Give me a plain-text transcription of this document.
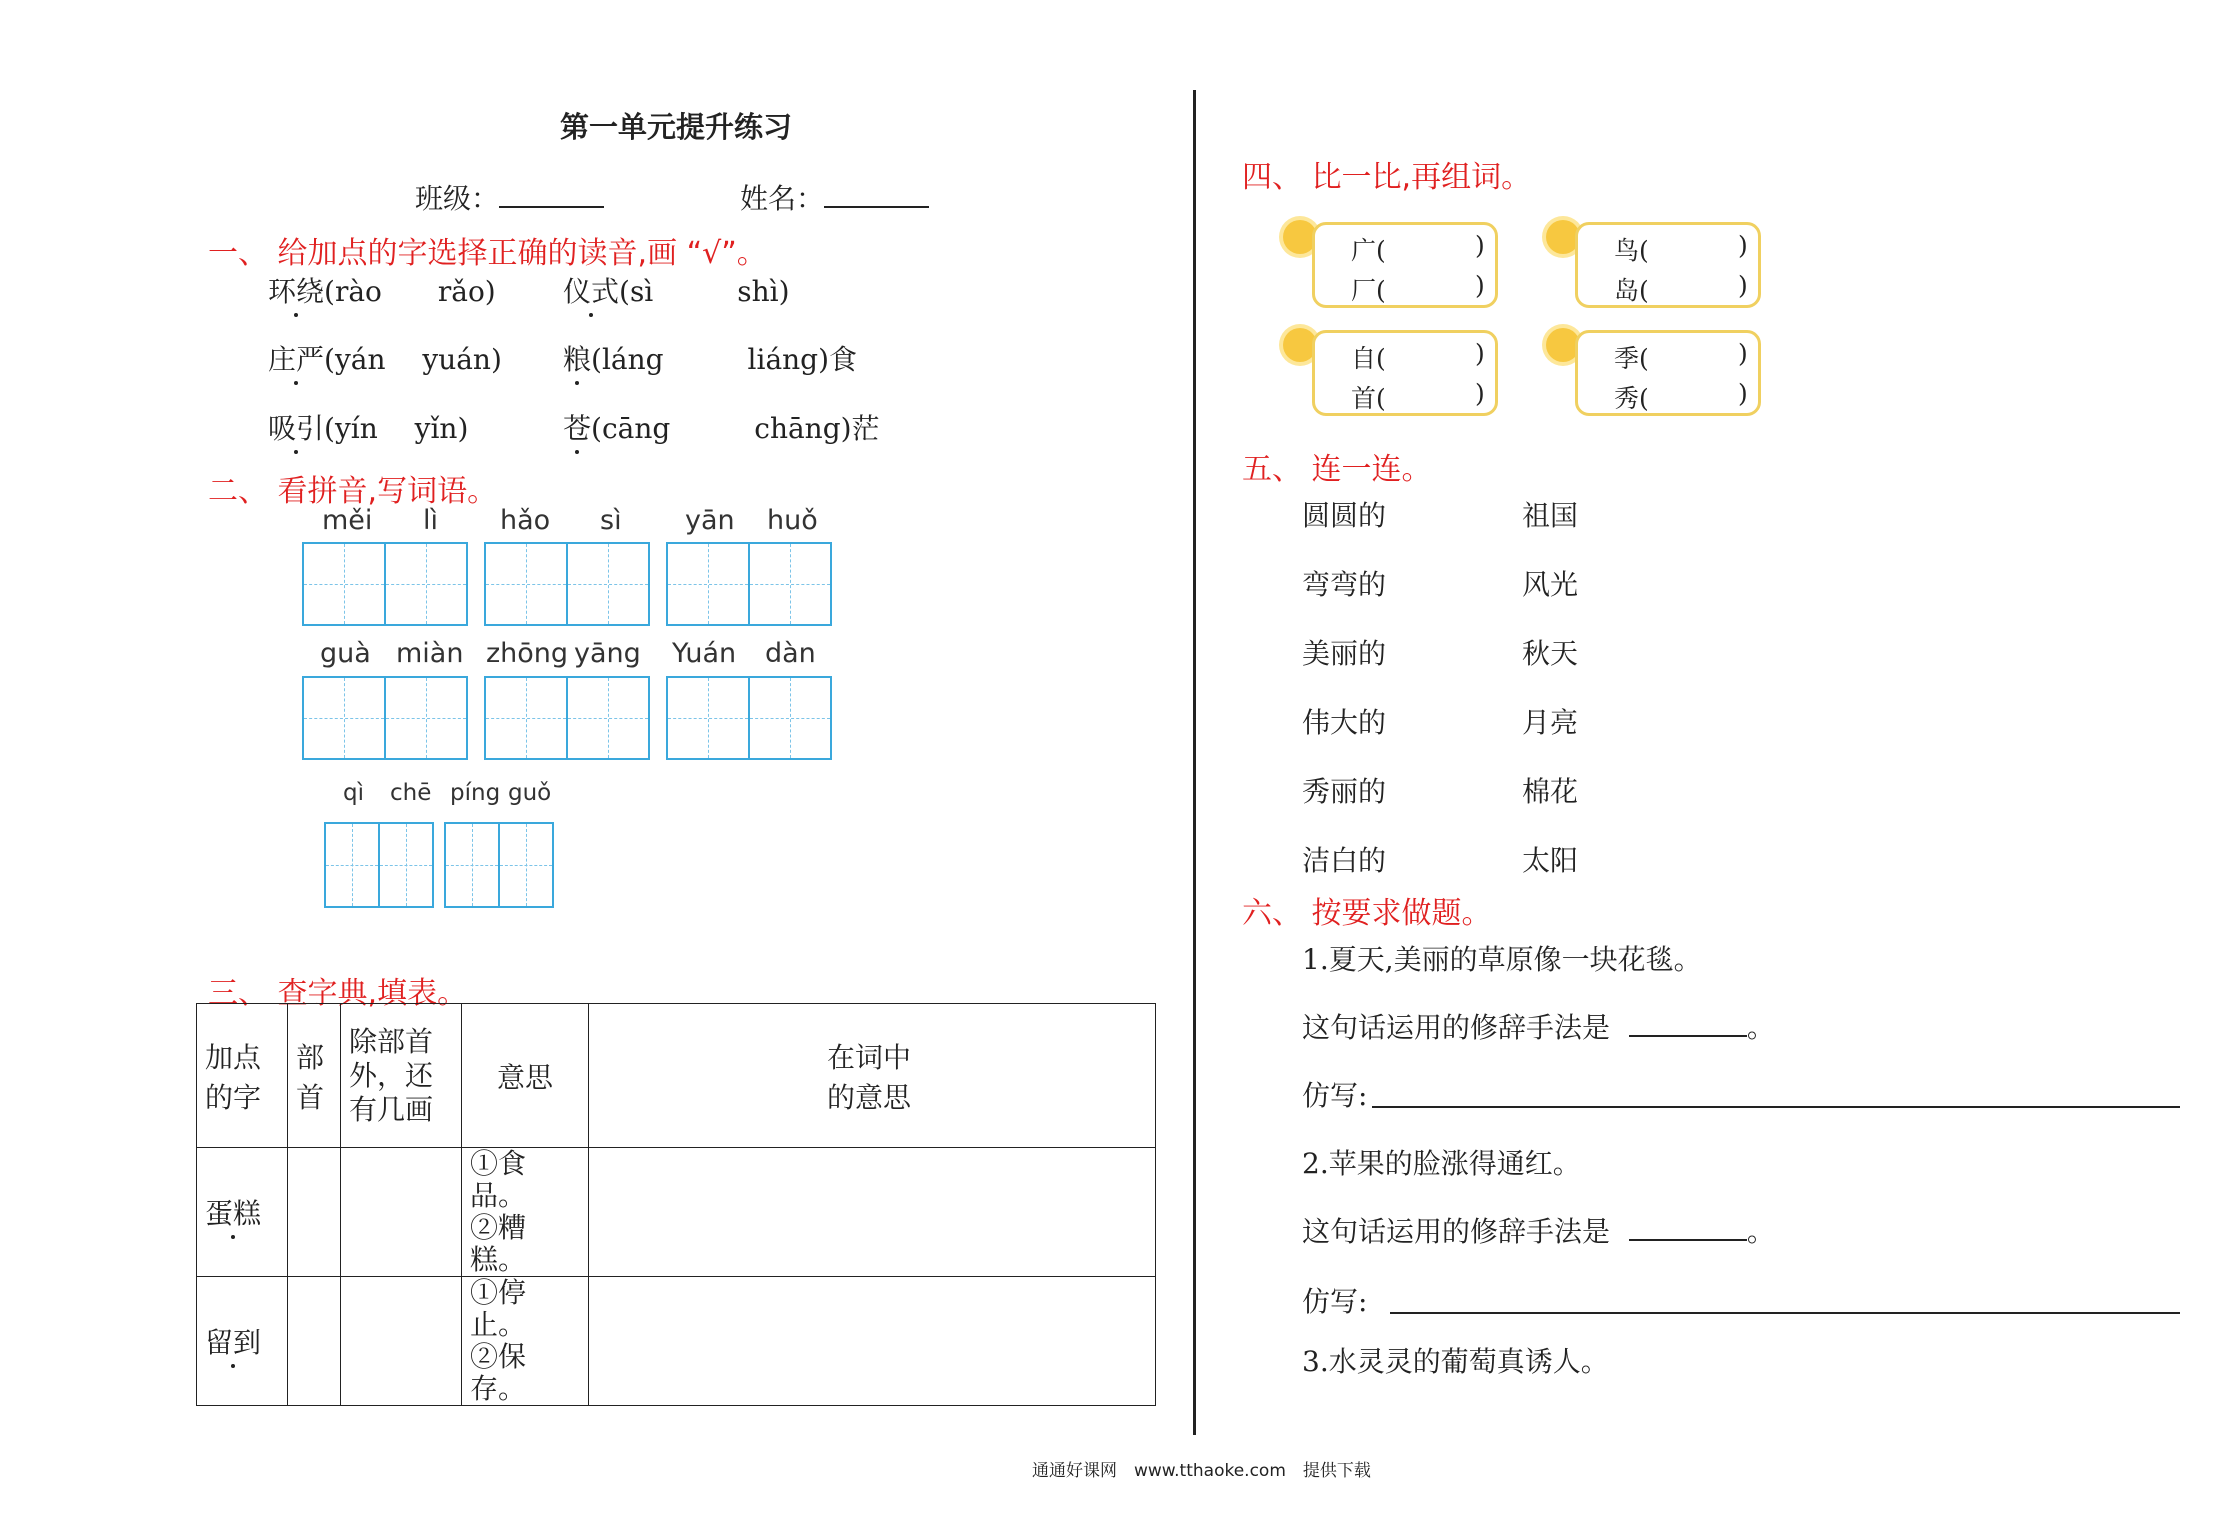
第一单元提升练习
班级：	姓名：
一、 给加点的字选择正确的读音,画 “√”。
环绕(rào　　rǎo) 仪式(sì　　　shì)
庄严(yán　 yuán) 粮(láng　　　liáng)食
吸引(yín　 yǐn)	苍(cāng　　　chāng)茫
二、 看拼音,写词语。
měi lì hǎo sì yān huǒ
guà miàn zhōng yāng Yuán dàn
qì chē píng guǒ
三、 查字典,填表。
加点的字	部首	除部首外，还有几画	意思	在词中的意思

蛋糕			①食品。
②糟糕。	

留到			①停止。
②保存。	

四、 比一比,再组词。
广(	)
厂(	)
鸟(	)
岛(	)
自(	)
首(	)
季(	)
秀(	)
五、 连一连。
圆圆的
弯弯的
美丽的
伟大的
秀丽的
洁白的
祖国
风光
秋天
月亮
棉花
太阳
六、 按要求做题。
1.夏天,美丽的草原像一块花毯。
这句话运用的修辞手法是	。
仿写:
2.苹果的脸涨得通红。
这句话运用的修辞手法是	。
仿写:
3.水灵灵的葡萄真诱人。
通通好课网　www.tthaoke.com　提供下载
